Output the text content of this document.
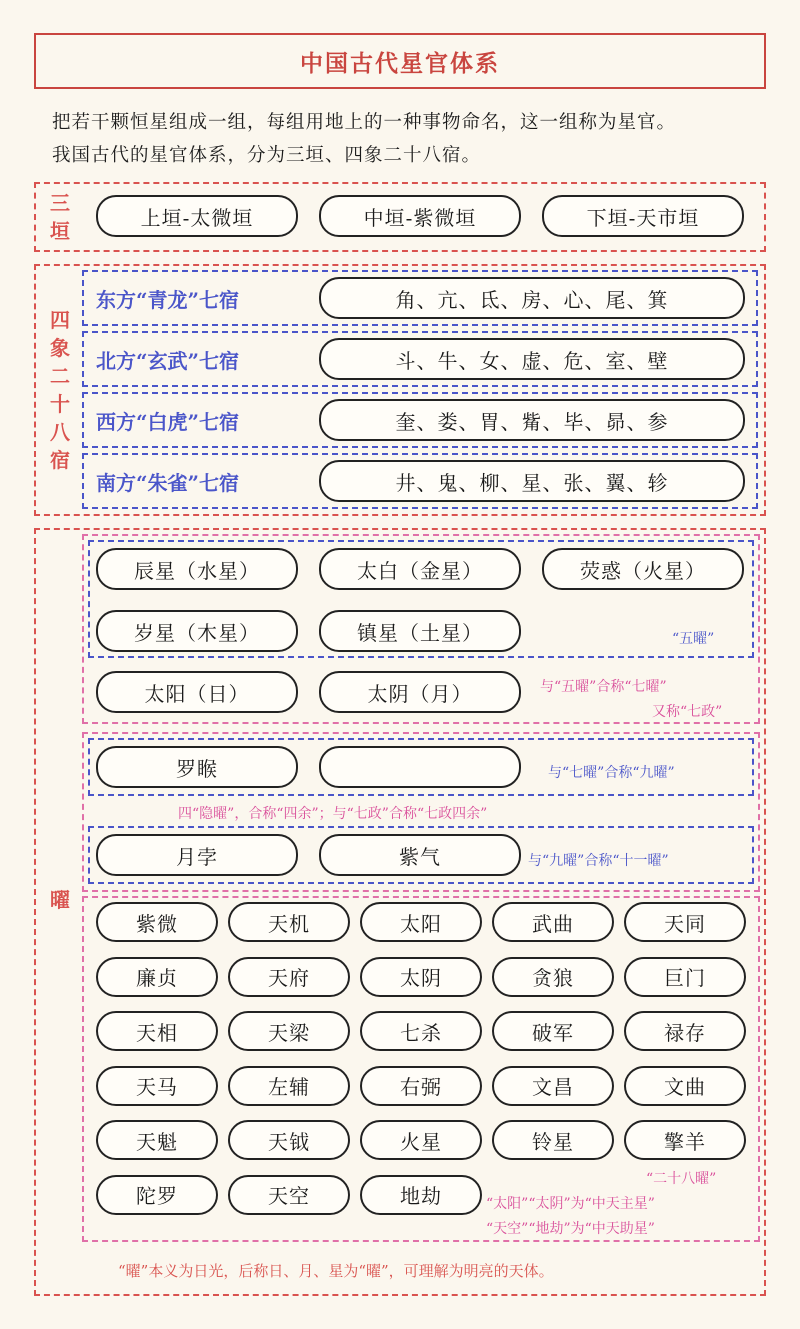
中国古代星官体系
把若干颗恒星组成一组，每组用地上的一种事物命名，这一组称为星官。
我国古代的星官体系，分为三垣、四象二十八宿。
三
垣
上垣-太微垣	中垣-紫微垣	下垣-天市垣
四
象
二
十
八
宿
东方“青龙”七宿	角、亢、氐、房、心、尾、箕
北方“玄武”七宿	斗、牛、女、虚、危、室、壁
西方“白虎”七宿	奎、娄、胃、觜、毕、昴、参
南方“朱雀”七宿	井、鬼、柳、星、张、翼、轸
曜
辰星（水星）	太白（金星）	荧惑（火星）
岁星（木星）	镇星（土星）	“五曜”
太阳（日）	太阴（月）	与“五曜”合称“七曜”
又称“七政”
罗睺	与“七曜”合称“九曜”
四“隐曜”，合称“四余”；与“七政”合称“七政四余”
月孛	紫气	与“九曜”合称“十一曜”
紫微	天机	太阳	武曲	天同
廉贞	天府	太阴	贪狼	巨门
天相	天梁	七杀	破军	禄存
天马	左辅	右弼	文昌	文曲
天魁	天钺	火星	铃星	擎羊
陀罗	天空	地劫
“二十八曜”
“太阳”“太阴”为“中天主星”
“天空”“地劫”为“中天助星”
“曜”本义为日光，后称日、月、星为“曜”，可理解为明亮的天体。
